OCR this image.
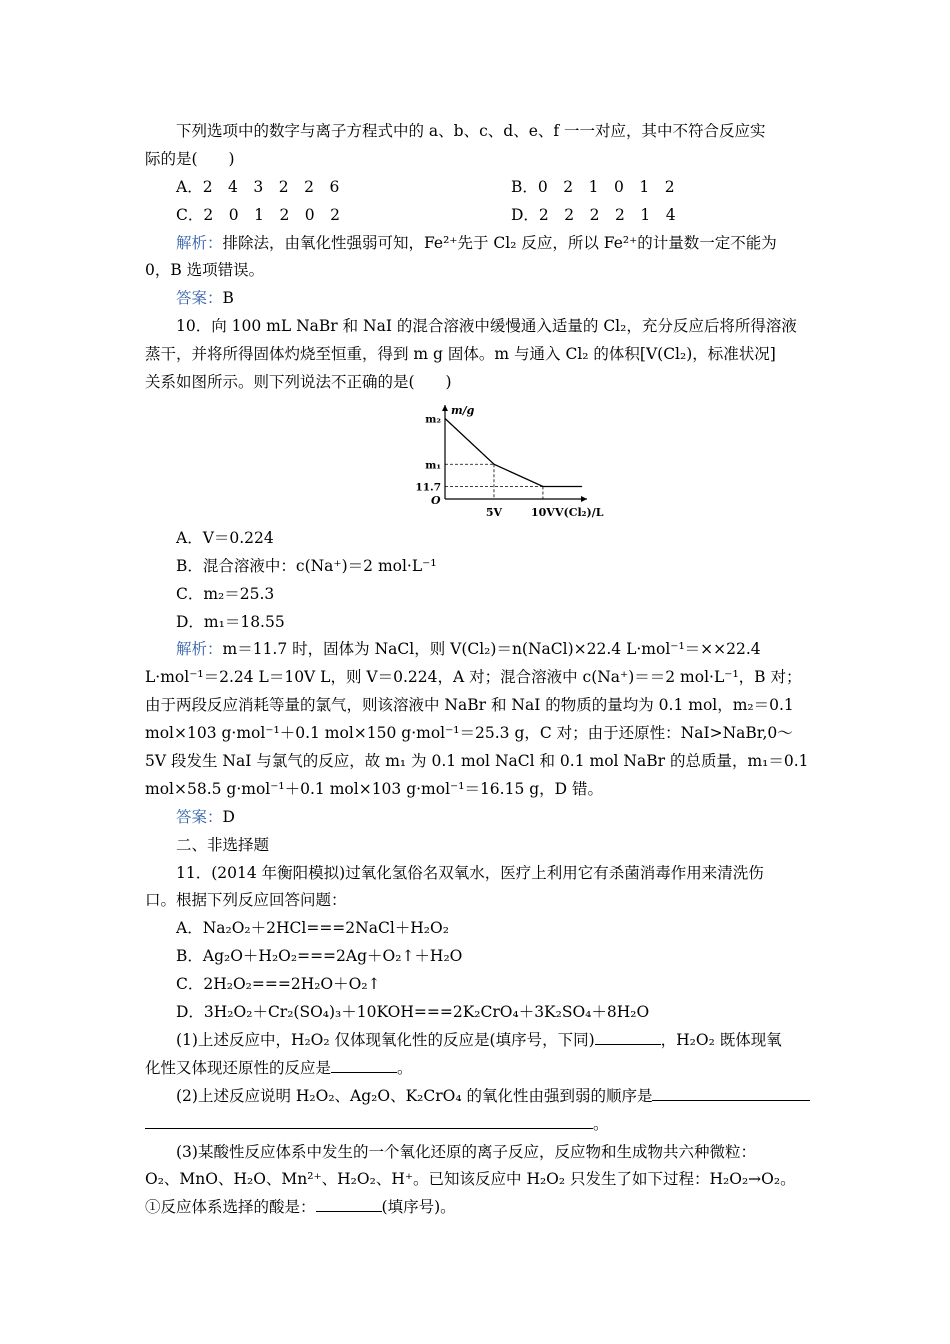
下列选项中的数字与离子方程式中的 a、b、c、d、e、f 一一对应，其中不符合反应实
际的是(　　)
A．2　4　3　2　2　6	B．0　2　1　0　1　2
C．2　0　1　2　0　2	D．2　2　2　2　1　4
解析：排除法，由氧化性强弱可知，Fe²⁺先于 Cl₂ 反应，所以 Fe²⁺的计量数一定不能为
0，B 选项错误。
答案：B
10．向 100 mL NaBr 和 NaI 的混合溶液中缓慢通入适量的 Cl₂，充分反应后将所得溶液
蒸干，并将所得固体灼烧至恒重，得到 m g 固体。m 与通入 Cl₂ 的体积[V(Cl₂)，标准状况]
关系如图所示。则下列说法不正确的是(　　)
m/g
V(Cl₂)/L
O
m₂
m₁
11.7
5V	10V
A．V＝0.224
B．混合溶液中：c(Na⁺)＝2 mol·L⁻¹
C．m₂＝25.3
D．m₁＝18.55
解析：m＝11.7 时，固体为 NaCl，则 V(Cl₂)＝n(NaCl)×22.4 L·mol⁻¹＝××22.4
L·mol⁻¹＝2.24 L＝10V L，则 V＝0.224，A 对；混合溶液中 c(Na⁺)＝＝2 mol·L⁻¹，B 对；
由于两段反应消耗等量的氯气，则该溶液中 NaBr 和 NaI 的物质的量均为 0.1 mol，m₂＝0.1
mol×103 g·mol⁻¹＋0.1 mol×150 g·mol⁻¹＝25.3 g，C 对；由于还原性：NaI>NaBr,0～
5V 段发生 NaI 与氯气的反应，故 m₁ 为 0.1 mol NaCl 和 0.1 mol NaBr 的总质量，m₁＝0.1
mol×58.5 g·mol⁻¹＋0.1 mol×103 g·mol⁻¹＝16.15 g，D 错。
答案：D
二、非选择题
11．(2014 年衡阳模拟)过氧化氢俗名双氧水，医疗上利用它有杀菌消毒作用来清洗伤
口。根据下列反应回答问题：
A．Na₂O₂＋2HCl===2NaCl＋H₂O₂
B．Ag₂O＋H₂O₂===2Ag＋O₂↑＋H₂O
C．2H₂O₂===2H₂O＋O₂↑
D．3H₂O₂＋Cr₂(SO₄)₃＋10KOH===2K₂CrO₄＋3K₂SO₄＋8H₂O
(1)上述反应中，H₂O₂ 仅体现氧化性的反应是(填序号，下同)	，H₂O₂ 既体现氧
化性又体现还原性的反应是	。
(2)上述反应说明 H₂O₂、Ag₂O、K₂CrO₄ 的氧化性由强到弱的顺序是
。
(3)某酸性反应体系中发生的一个氧化还原的离子反应，反应物和生成物共六种微粒：
O₂、MnO、H₂O、Mn²⁺、H₂O₂、H⁺。已知该反应中 H₂O₂ 只发生了如下过程：H₂O₂→O₂。
①反应体系选择的酸是：	(填序号)。
